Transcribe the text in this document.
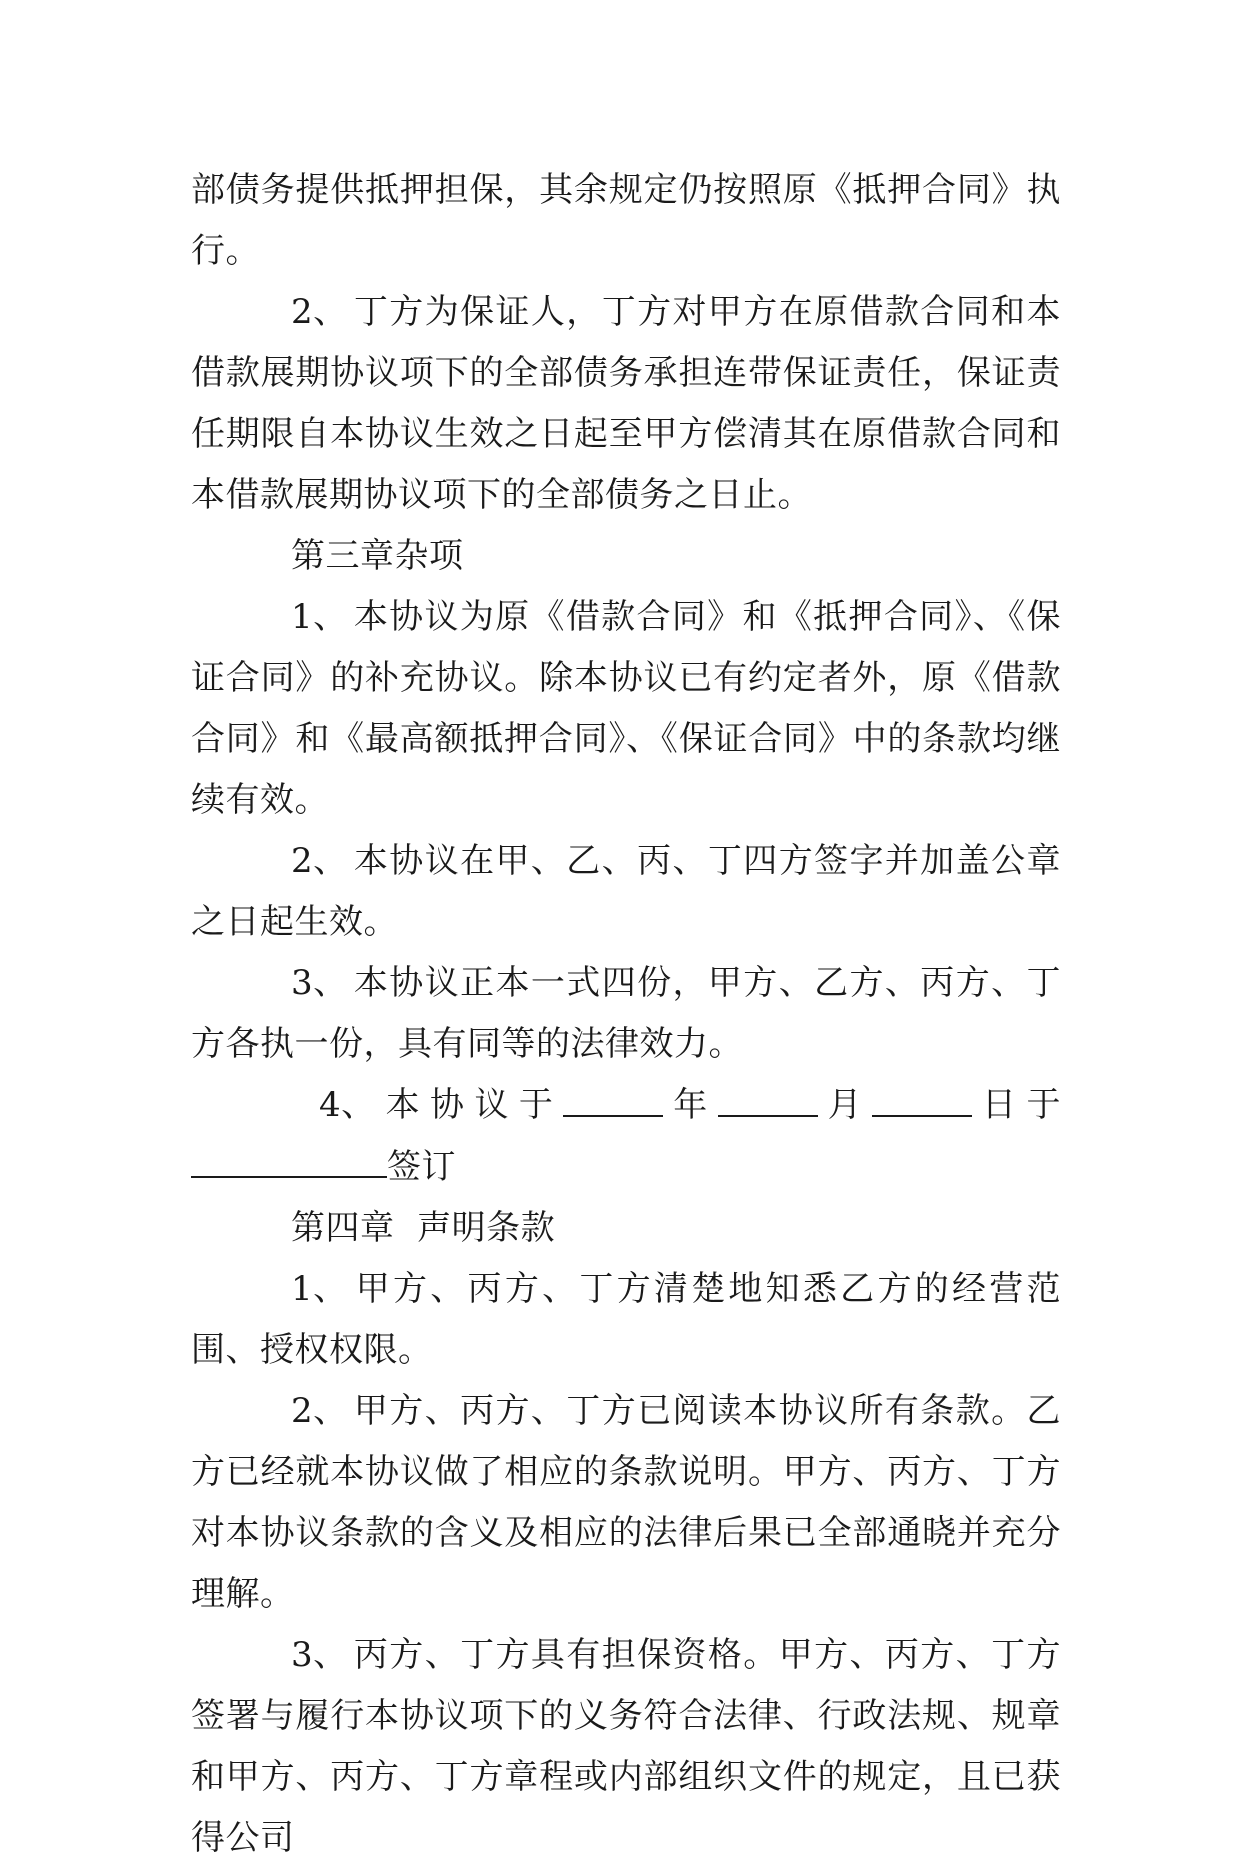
部债务提供抵押担保，其余规定仍按照原《抵押合同》执行。

2、 丁方为保证人，丁方对甲方在原借款合同和本借款展期协议项下的全部债务承担连带保证责任，保证责任期限自本协议生效之日起至甲方偿清其在原借款合同和本借款展期协议项下的全部债务之日止。

第三章杂项

1、 本协议为原《借款合同》和《抵押合同》、《保证合同》的补充协议。除本协议已有约定者外，原《借款合同》和《最高额抵押合同》、《保证合同》中的条款均继续有效。

2、 本协议在甲、乙、丙、丁四方签字并加盖公章之日起生效。

3、 本协议正本一式四份，甲方、乙方、丙方、丁方各执一份，具有同等的法律效力。

4、 本 协 议 于	年	月	日 于
签订

第四章  声明条款

1、 甲方、丙方、丁方清楚地知悉乙方的经营范围、授权权限。

2、 甲方、丙方、丁方已阅读本协议所有条款。乙方已经就本协议做了相应的条款说明。甲方、丙方、丁方对本协议条款的含义及相应的法律后果已全部通晓并充分理解。

3、 丙方、丁方具有担保资格。甲方、丙方、丁方签署与履行本协议项下的义务符合法律、行政法规、规章和甲方、丙方、丁方章程或内部组织文件的规定，且已获得公司
